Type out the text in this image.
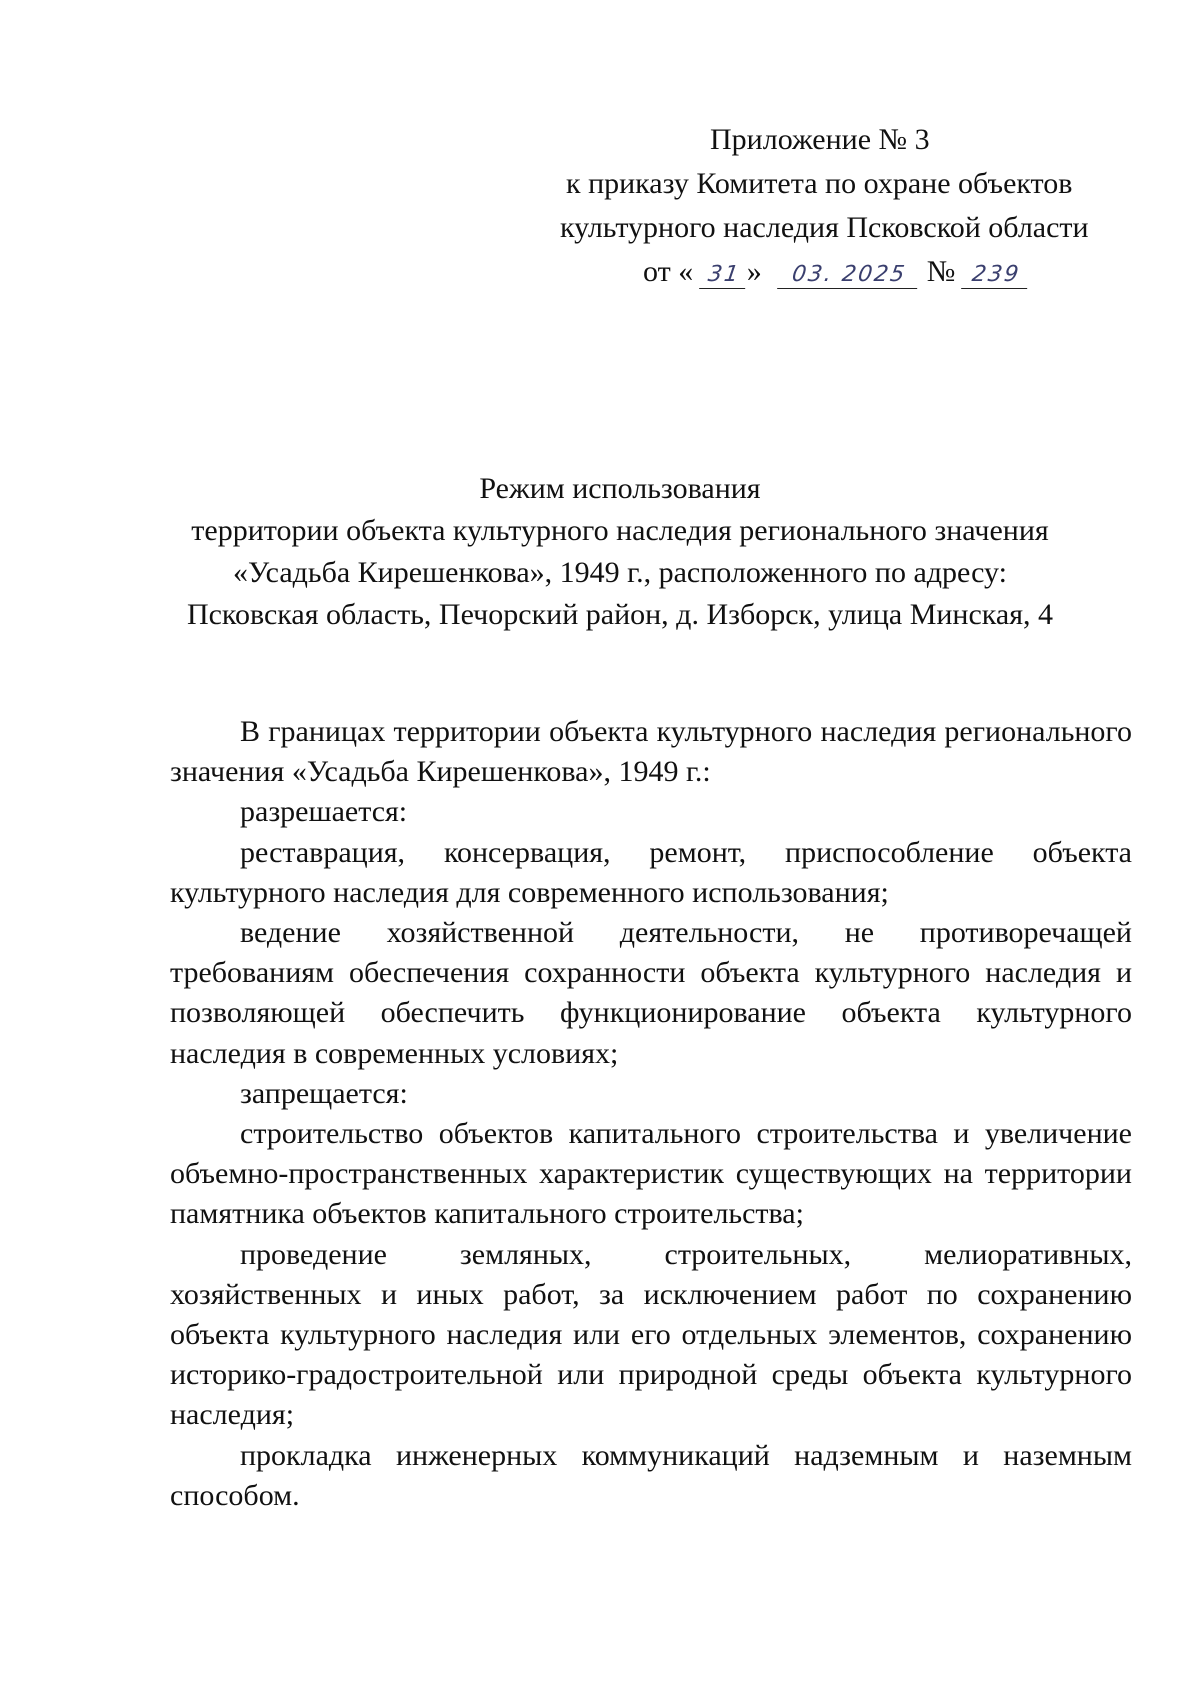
Приложение № 3
к приказу Комитета по охране объектов
культурного наследия Псковской области
от « 31 » 03. 2025 № 239
Режим использования
территории объекта культурного наследия регионального значения
«Усадьба Кирешенкова», 1949 г., расположенного по адресу:
Псковская область, Печорский район, д. Изборск, улица Минская, 4

В границах территории объекта культурного наследия регионального значения «Усадьба Кирешенкова», 1949 г.:

разрешается:

реставрация, консервация, ремонт, приспособление объекта культурного наследия для современного использования;

ведение хозяйственной деятельности, не противоречащей требованиям обеспечения сохранности объекта культурного наследия и позволяющей обеспечить функционирование объекта культурного наследия в современных условиях;

запрещается:

строительство объектов капитального строительства и увеличение объемно-пространственных характеристик существующих на территории памятника объектов капитального строительства;

проведение земляных, строительных, мелиоративных, хозяйственных и иных работ, за исключением работ по сохранению объекта культурного наследия или его отдельных элементов, сохранению историко-градостроительной или природной среды объекта культурного наследия;

прокладка инженерных коммуникаций надземным и наземным способом.
